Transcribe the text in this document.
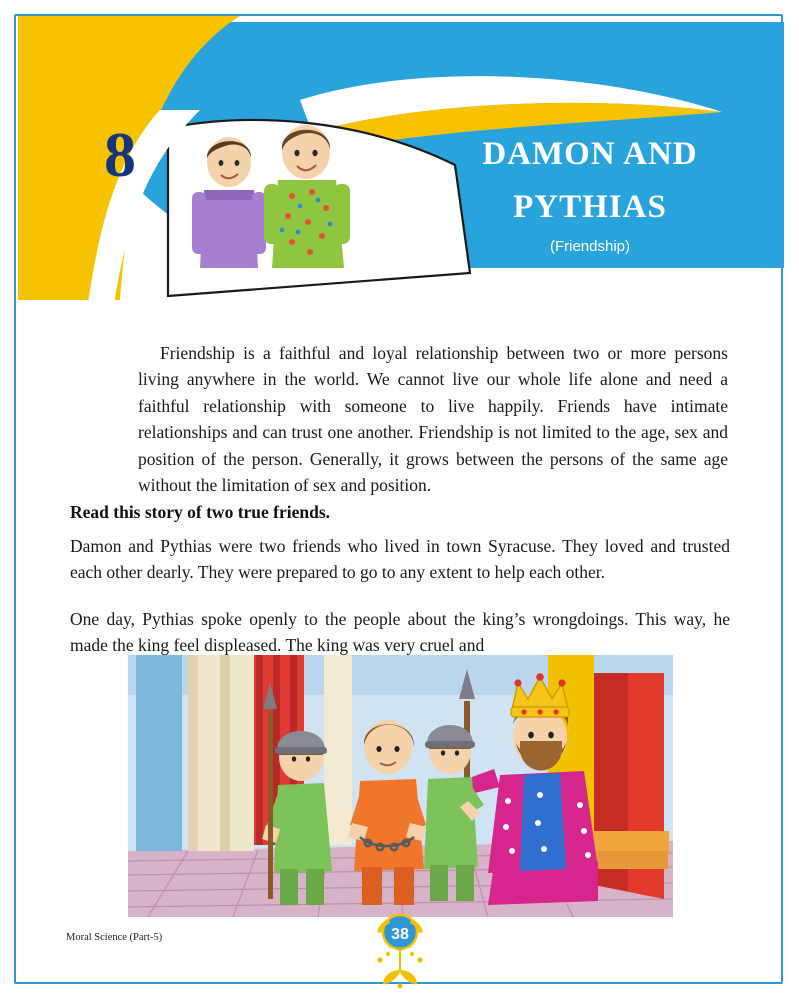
8	DAMON AND PYTHIAS
(Friendship)

Friendship is a faithful and loyal relationship between two or more persons living anywhere in the world. We cannot live our whole life alone and need a faithful relationship with someone to live happily. Friends have intimate relationships and can trust one another. Friendship is not limited to the age, sex and position of the person. Generally, it grows between the persons of the same age without the limitation of sex and position.

Read this story of two true friends.

Damon and Pythias were two friends who lived in town Syracuse. They loved and trusted each other dearly. They were prepared to go to any extent to help each other.

One day, Pythias spoke openly to the people about the king’s wrongdoings. This way, he made the king feel displeased. The king was very cruel and

Moral Science (Part-5)	38
